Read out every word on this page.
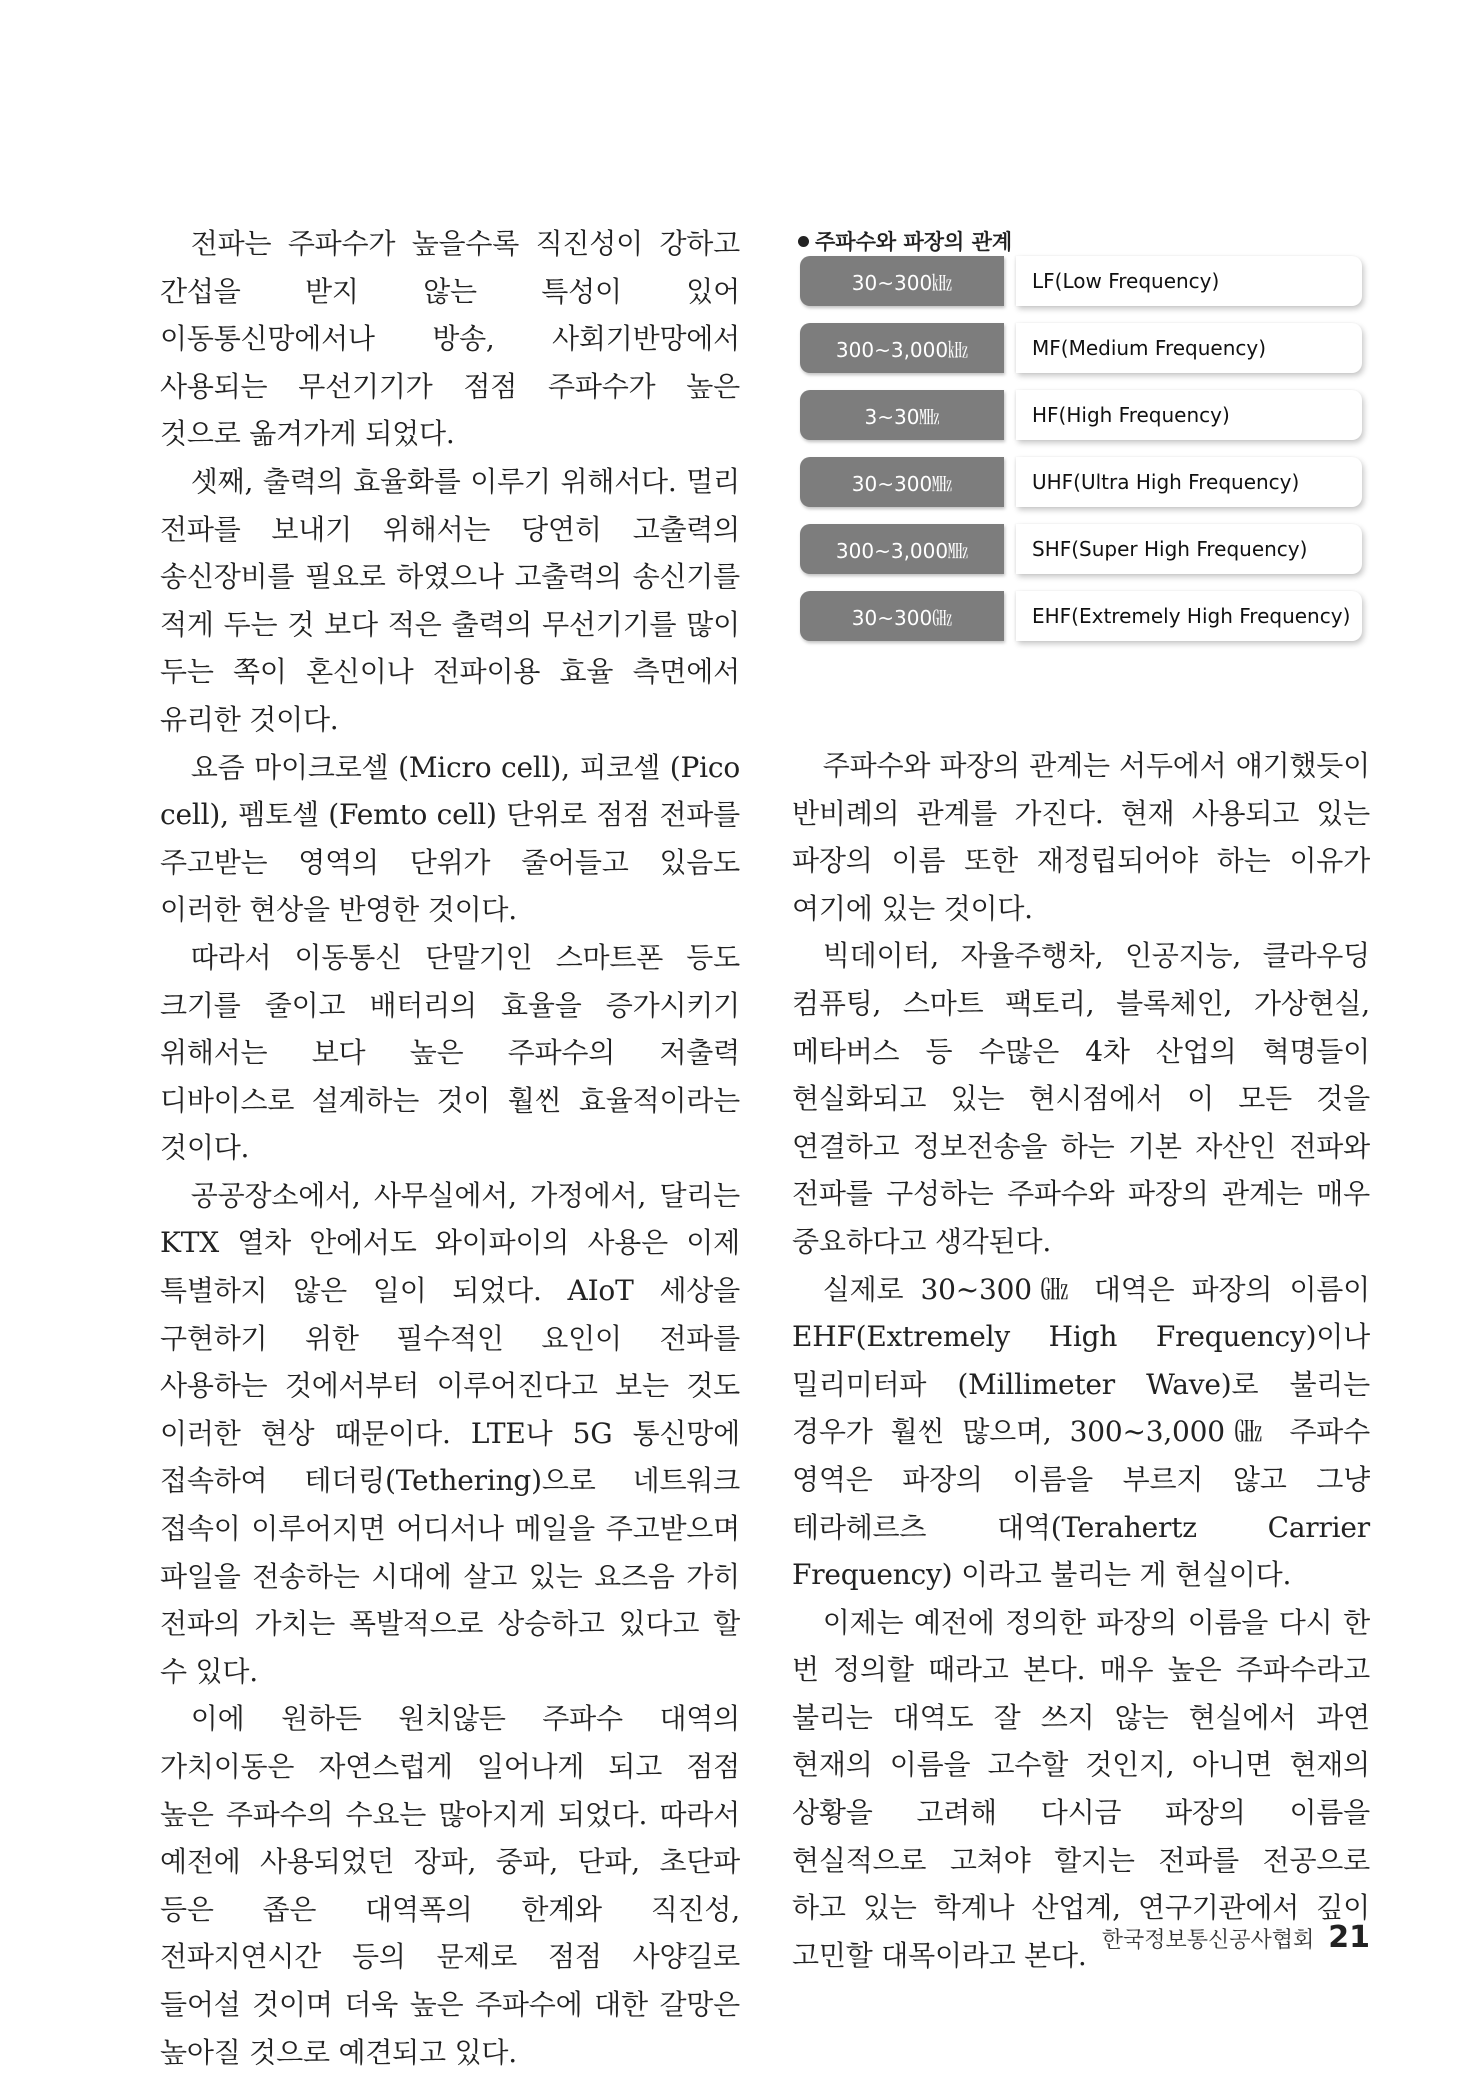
전파는 주파수가 높을수록 직진성이 강하고 간섭을 받지 않는 특성이 있어 이동통신망에서나 방송, 사회기반망에서 사용되는 무선기기가 점점 주파수가 높은 것으로 옮겨가게 되었다.

셋째, 출력의 효율화를 이루기 위해서다. 멀리 전파를 보내기 위해서는 당연히 고출력의 송신장비를 필요로 하였으나 고출력의 송신기를 적게 두는 것 보다 적은 출력의 무선기기를 많이 두는 쪽이 혼신이나 전파이용 효율 측면에서 유리한 것이다.

요즘 마이크로셀 (Micro cell), 피코셀 (Pico cell), 펨토셀 (Femto cell) 단위로 점점 전파를 주고받는 영역의 단위가 줄어들고 있음도 이러한 현상을 반영한 것이다.

따라서 이동통신 단말기인 스마트폰 등도 크기를 줄이고 배터리의 효율을 증가시키기 위해서는 보다 높은 주파수의 저출력 디바이스로 설계하는 것이 훨씬 효율적이라는 것이다.

공공장소에서, 사무실에서, 가정에서, 달리는 KTX 열차 안에서도 와이파이의 사용은 이제 특별하지 않은 일이 되었다. AIoT 세상을 구현하기 위한 필수적인 요인이 전파를 사용하는 것에서부터 이루어진다고 보는 것도 이러한 현상 때문이다. LTE나 5G 통신망에 접속하여 테더링(Tethering)으로 네트워크 접속이 이루어지면 어디서나 메일을 주고받으며 파일을 전송하는 시대에 살고 있는 요즈음 가히 전파의 가치는 폭발적으로 상승하고 있다고 할 수 있다.

이에 원하든 원치않든 주파수 대역의 가치이동은 자연스럽게 일어나게 되고 점점 높은 주파수의 수요는 많아지게 되었다. 따라서 예전에 사용되었던 장파, 중파, 단파, 초단파 등은 좁은 대역폭의 한계와 직진성, 전파지연시간 등의 문제로 점점 사양길로 들어설 것이며 더욱 높은 주파수에 대한 갈망은 높아질 것으로 예견되고 있다.

주파수와 파장의 관계
30~300㎑	LF(Low Frequency)
300~3,000㎑	MF(Medium Frequency)
3~30㎒	HF(High Frequency)
30~300㎒	UHF(Ultra High Frequency)
300~3,000㎒	SHF(Super High Frequency)
30~300㎓	EHF(Extremely High Frequency)

주파수와 파장의 관계는 서두에서 얘기했듯이 반비례의 관계를 가진다. 현재 사용되고 있는 파장의 이름 또한 재정립되어야 하는 이유가 여기에 있는 것이다.

빅데이터, 자율주행차, 인공지능, 클라우딩 컴퓨팅, 스마트 팩토리, 블록체인, 가상현실, 메타버스 등 수많은 4차 산업의 혁명들이 현실화되고 있는 현시점에서 이 모든 것을 연결하고 정보전송을 하는 기본 자산인 전파와 전파를 구성하는 주파수와 파장의 관계는 매우 중요하다고 생각된다.

실제로 30~300㎓ 대역은 파장의 이름이 EHF(Extremely High Frequency)이나 밀리미터파 (Millimeter Wave)로 불리는 경우가 훨씬 많으며, 300~3,000㎓ 주파수 영역은 파장의 이름을 부르지 않고 그냥 테라헤르츠 대역(Terahertz Carrier Frequency) 이라고 불리는 게 현실이다.

이제는 예전에 정의한 파장의 이름을 다시 한 번 정의할 때라고 본다. 매우 높은 주파수라고 불리는 대역도 잘 쓰지 않는 현실에서 과연 현재의 이름을 고수할 것인지, 아니면 현재의 상황을 고려해 다시금 파장의 이름을 현실적으로 고쳐야 할지는 전파를 전공으로 하고 있는 학계나 산업계, 연구기관에서 깊이 고민할 대목이라고 본다. 한국정보통신공사협회 21
